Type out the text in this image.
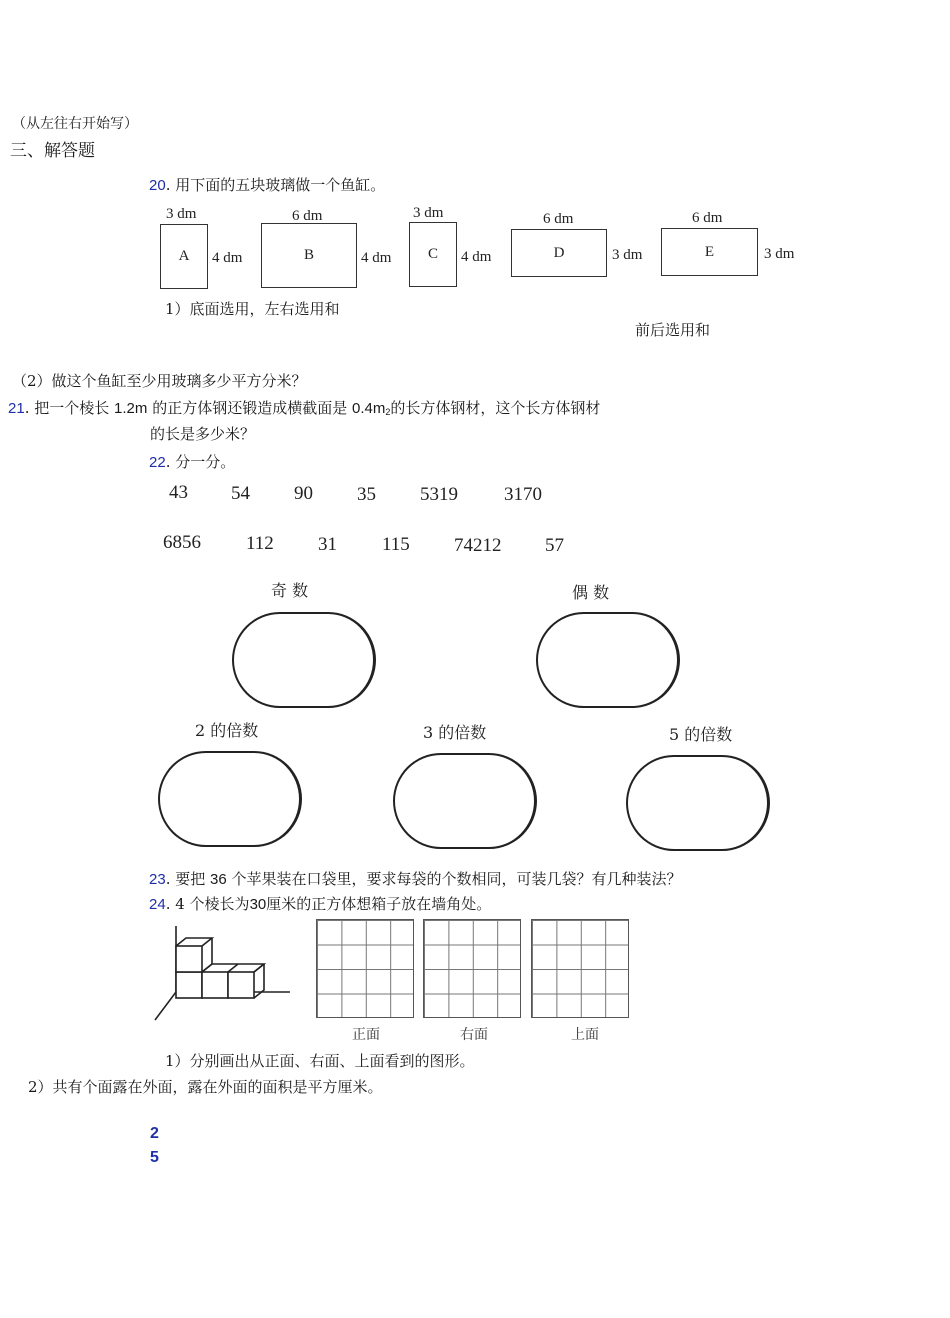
（从左往右开始写）
三、解答题
20. 用下面的五块玻璃做一个鱼缸。
3 dm
A	4 dm
6 dm
B	4 dm
3 dm
C	4 dm
6 dm
D	3 dm
6 dm
E	3 dm
1）底面选用，左右选用和
前后选用和
（2）做这个鱼缸至少用玻璃多少平方分米？
21. 把一个棱长 1.2m 的正方体钢还锻造成横截面是 0.4m2的长方体钢材，这个长方体钢材
的长是多少米？
22. 分一分。
43 54 90 35 5319 3170
6856 112 31 115 74212 57
奇 数	偶 数
2 的倍数	3 的倍数	5 的倍数
23. 要把 36 个苹果装在口袋里，要求每袋的个数相同，可装几袋？有几种装法？
24. 4 个棱长为30厘米的正方体想箱子放在墙角处。
正面	右面	上面
1）分别画出从正面、右面、上面看到的图形。
2）共有个面露在外面，露在外面的面积是平方厘米。
2
5
